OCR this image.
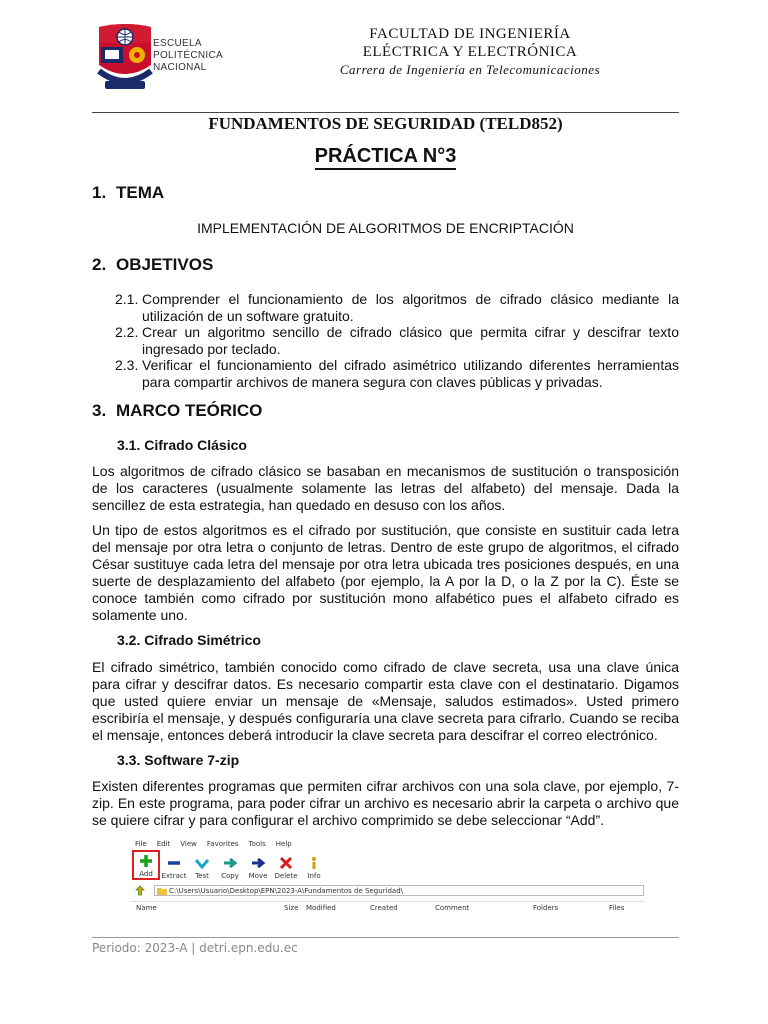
ESCUELA
POLITÉCNICA
NACIONAL
FACULTAD DE INGENIERÍA
ELÉCTRICA Y ELECTRÓNICA
Carrera de Ingeniería en Telecomunicaciones
FUNDAMENTOS DE SEGURIDAD (TELD852)
PRÁCTICA N°3
1. TEMA
IMPLEMENTACIÓN DE ALGORITMOS DE ENCRIPTACIÓN
2. OBJETIVOS
2.1. Comprender el funcionamiento de los algoritmos de cifrado clásico mediante la utilización de un software gratuito.
2.2. Crear un algoritmo sencillo de cifrado clásico que permita cifrar y descifrar texto ingresado por teclado.
2.3. Verificar el funcionamiento del cifrado asimétrico utilizando diferentes herramientas para compartir archivos de manera segura con claves públicas y privadas.
3. MARCO TEÓRICO
3.1. Cifrado Clásico
Los algoritmos de cifrado clásico se basaban en mecanismos de sustitución o transposición de los caracteres (usualmente solamente las letras del alfabeto) del mensaje. Dada la sencillez de esta estrategia, han quedado en desuso con los años.
Un tipo de estos algoritmos es el cifrado por sustitución, que consiste en sustituir cada letra del mensaje por otra letra o conjunto de letras. Dentro de este grupo de algoritmos, el cifrado César sustituye cada letra del mensaje por otra letra ubicada tres posiciones después, en una suerte de desplazamiento del alfabeto (por ejemplo, la A por la D, o la Z por la C). Éste se conoce también como cifrado por sustitución mono alfabético pues el alfabeto cifrado es solamente uno.
3.2. Cifrado Simétrico
El cifrado simétrico, también conocido como cifrado de clave secreta, usa una clave única para cifrar y descifrar datos. Es necesario compartir esta clave con el destinatario. Digamos que usted quiere enviar un mensaje de «Mensaje, saludos estimados». Usted primero escribiría el mensaje, y después configuraría una clave secreta para cifrarlo. Cuando se reciba el mensaje, entonces deberá introducir la clave secreta para descifrar el correo electrónico.
3.3. Software 7-zip
Existen diferentes programas que permiten cifrar archivos con una sola clave, por ejemplo, 7-zip. En este programa, para poder cifrar un archivo es necesario abrir la carpeta o archivo que se quiere cifrar y para configurar el archivo comprimido se debe seleccionar “Add”.
File Edit View Favorites Tools Help
Add Extract Test Copy Move Delete Info
C:\Users\Usuario\Desktop\EPN\2023-A\Fundamentos de Seguridad\
Name	Size Modified	Created	Comment	Folders	Files
Periodo: 2023-A | detri.epn.edu.ec
